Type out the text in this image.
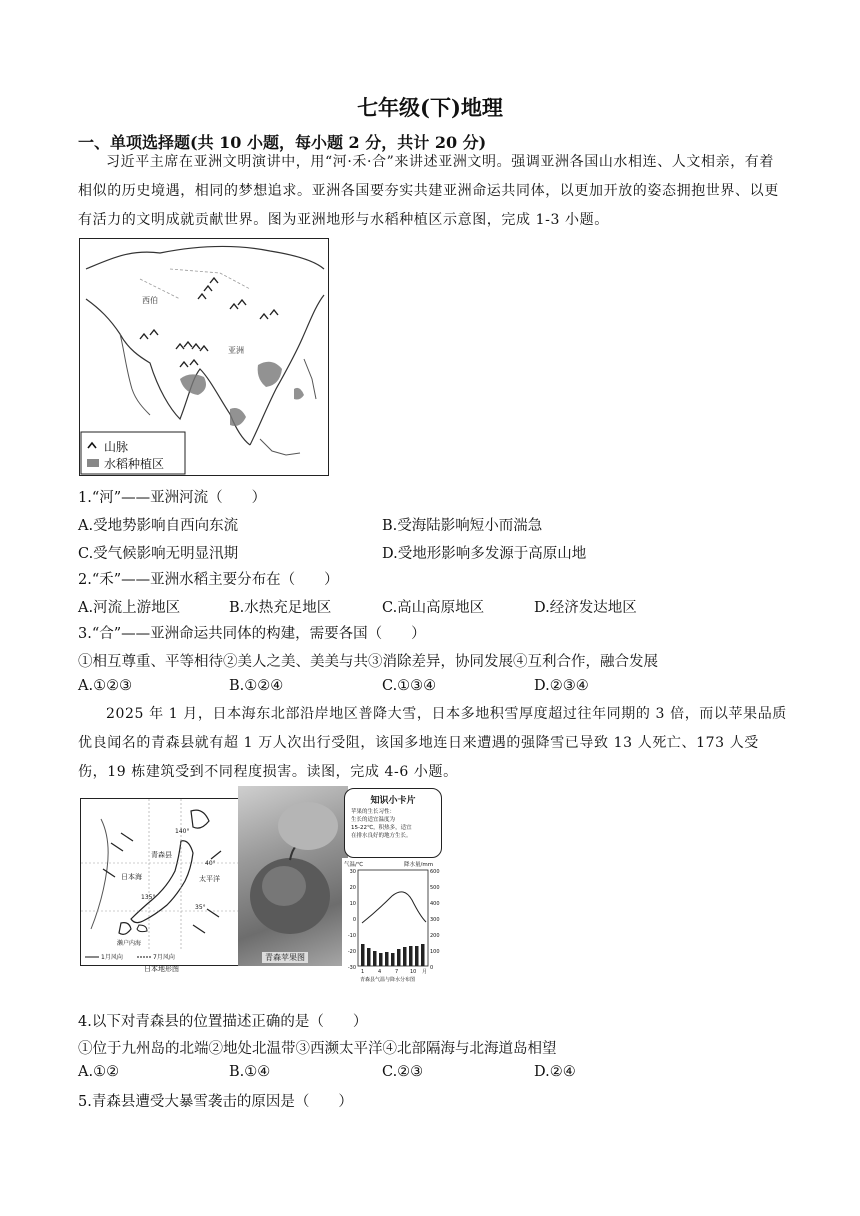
七年级(下)地理
一、单项选择题(共 10 小题，每小题 2 分，共计 20 分)
习近平主席在亚洲文明演讲中，用“河·禾·合”来讲述亚洲文明。强调亚洲各国山水相连、人文相亲，有着相似的历史境遇，相同的梦想追求。亚洲各国要夯实共建亚洲命运共同体，以更加开放的姿态拥抱世界、以更有活力的文明成就贡献世界。图为亚洲地形与水稻种植区示意图，完成 1-3 小题。
西伯
亚洲
山脉
水稻种植区
1.“河”——亚洲河流（　　）
A.受地势影响自西向东流	B.受海陆影响短小而湍急
C.受气候影响无明显汛期	D.受地形影响多发源于高原山地
2.“禾”——亚洲水稻主要分布在（　　）
A.河流上游地区	B.水热充足地区	C.高山高原地区	D.经济发达地区
3.“合”——亚洲命运共同体的构建，需要各国（　　）
①相互尊重、平等相待②美人之美、美美与共③消除差异，协同发展④互利合作，融合发展
A.①②③	B.①②④	C.①③④	D.②③④
2025 年 1 月，日本海东北部沿岸地区普降大雪，日本多地积雪厚度超过往年同期的 3 倍，而以苹果品质优良闻名的青森县就有超 1 万人次出行受阻，该国多地连日来遭遇的强降雪已导致 13 人死亡、173 人受伤，19 栋建筑受到不同程度损害。读图，完成 4-6 小题。
青森县
日本海	太平洋
140°
40°
135°
35°
濑户内海
1月风向	7月风向
日本地形图
青森苹果图
知识小卡片
苹果的生长习性：
生长的适宜温度为
15-22℃，积热多，适宜
在排水良好的地方生长。
气温/℃	降水量/mm
30
20
10
0
-10
-20
-30
600
500
400
300
200
100
0
1	4	7 10 月
青森县气温与降水分布图
4.以下对青森县的位置描述正确的是（　　）
①位于九州岛的北端②地处北温带③西濒太平洋④北部隔海与北海道岛相望
A.①②	B.①④	C.②③	D.②④
5.青森县遭受大暴雪袭击的原因是（　　）
